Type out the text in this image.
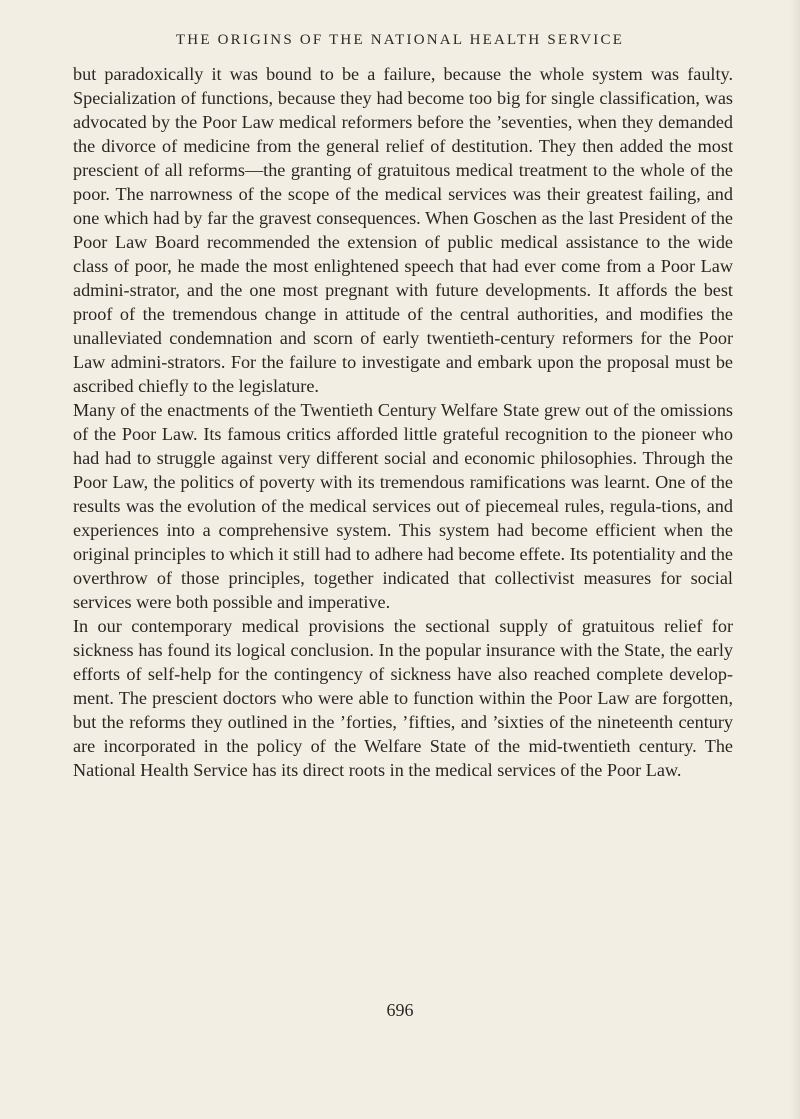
THE ORIGINS OF THE NATIONAL HEALTH SERVICE

but paradoxically it was bound to be a failure, because the whole system was faulty. Specialization of functions, because they had become too big for single classification, was advocated by the Poor Law medical reformers before the ’seventies, when they demanded the divorce of medicine from the general relief of destitution. They then added the most prescient of all reforms—the granting of gratuitous medical treatment to the whole of the poor. The narrowness of the scope of the medical services was their greatest failing, and one which had by far the gravest consequences. When Goschen as the last President of the Poor Law Board recommended the extension of public medical assistance to the wide class of poor, he made the most enlightened speech that had ever come from a Poor Law admini-strator, and the one most pregnant with future developments. It affords the best proof of the tremendous change in attitude of the central authorities, and modifies the unalleviated condemnation and scorn of early twentieth-century reformers for the Poor Law admini-strators. For the failure to investigate and embark upon the proposal must be ascribed chiefly to the legislature.

Many of the enactments of the Twentieth Century Welfare State grew out of the omissions of the Poor Law. Its famous critics afforded little grateful recognition to the pioneer who had had to struggle against very different social and economic philosophies. Through the Poor Law, the politics of poverty with its tremendous ramifications was learnt. One of the results was the evolution of the medical services out of piecemeal rules, regula-tions, and experiences into a comprehensive system. This system had become efficient when the original principles to which it still had to adhere had become effete. Its potentiality and the overthrow of those principles, together indicated that collectivist measures for social services were both possible and imperative.

In our contemporary medical provisions the sectional supply of gratuitous relief for sickness has found its logical conclusion. In the popular insurance with the State, the early efforts of self-help for the contingency of sickness have also reached complete develop-ment. The prescient doctors who were able to function within the Poor Law are forgotten, but the reforms they outlined in the ’forties, ’fifties, and ’sixties of the nineteenth century are incorporated in the policy of the Welfare State of the mid-twentieth century. The National Health Service has its direct roots in the medical services of the Poor Law.

696
